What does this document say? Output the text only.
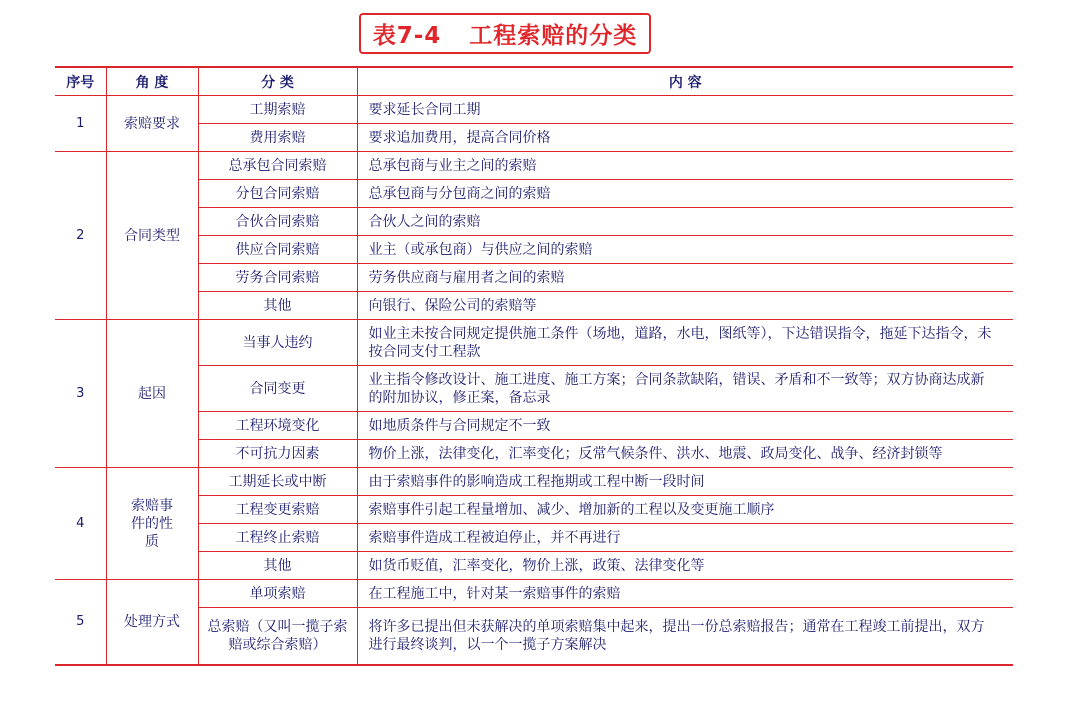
表7-4 工程索赔的分类
序号	角 度	分 类	内 容
1	索赔要求	工期索赔	要求延长合同工期
		费用索赔	要求追加费用，提高合同价格
2	合同类型	总承包合同索赔	总承包商与业主之间的索赔
		分包合同索赔	总承包商与分包商之间的索赔
		合伙合同索赔	合伙人之间的索赔
		供应合同索赔	业主（或承包商）与供应之间的索赔
		劳务合同索赔	劳务供应商与雇用者之间的索赔
		其他	向银行、保险公司的索赔等
3	起因	当事人违约	如业主未按合同规定提供施工条件（场地，道路，水电，图纸等），下达错误指令，拖延下达指令，未按合同支付工程款
		合同变更	业主指令修改设计、施工进度、施工方案；合同条款缺陷，错误、矛盾和不一致等；双方协商达成新的附加协议，修正案，备忘录
		工程环境变化	如地质条件与合同规定不一致
		不可抗力因素	物价上涨，法律变化，汇率变化；反常气候条件、洪水、地震、政局变化、战争、经济封锁等
4	索赔事件的性质	工期延长或中断	由于索赔事件的影响造成工程拖期或工程中断一段时间
		工程变更索赔	索赔事件引起工程量增加、减少、增加新的工程以及变更施工顺序
		工程终止索赔	索赔事件造成工程被迫停止，并不再进行
		其他	如货币贬值，汇率变化，物价上涨，政策、法律变化等
5	处理方式	单项索赔	在工程施工中，针对某一索赔事件的索赔
		总索赔（又叫一揽子索赔或综合索赔）	将许多已提出但未获解决的单项索赔集中起来，提出一份总索赔报告；通常在工程竣工前提出，双方进行最终谈判，以一个一揽子方案解决
